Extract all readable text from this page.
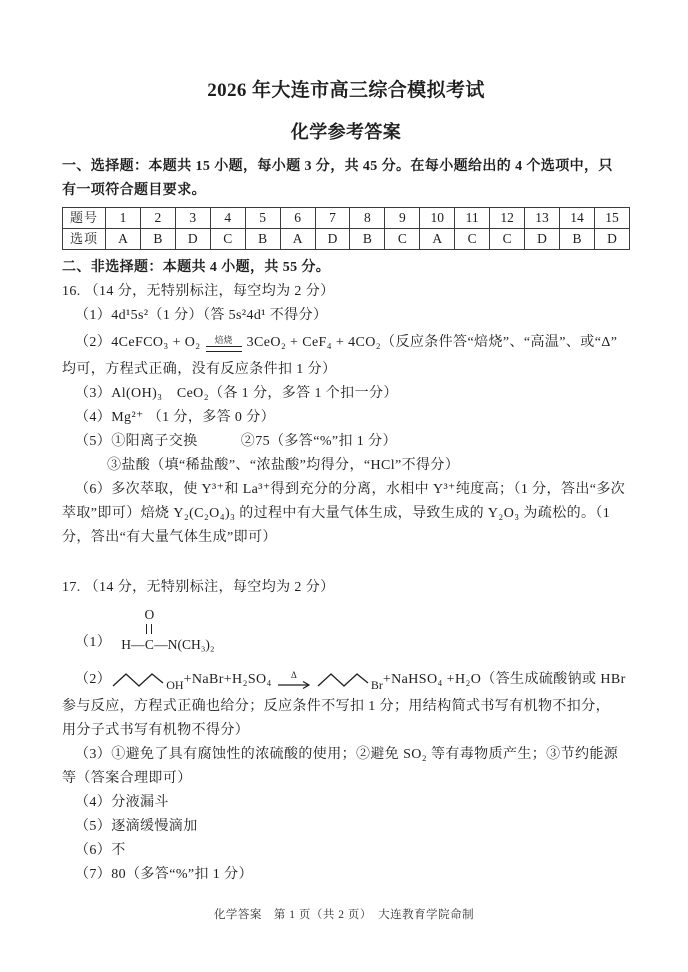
2026 年大连市高三综合模拟考试
化学参考答案
一、选择题：本题共 15 小题，每小题 3 分，共 45 分。在每小题给出的 4 个选项中，只
有一项符合题目要求。
题号	1	2	3	4	5	6	7	8	9	10	11	12	13	14	15
选项	A	B	D	C	B	A	D	B	C	A	C	C	D	B	D
二、非选择题：本题共 4 小题，共 55 分。
16. （14 分，无特别标注，每空均为 2 分）
（1）4d¹5s²（1 分）（答 5s²4d¹ 不得分）
（2）4CeFCO₃ + O₂ 焙烧 3CeO₂ + CeF₄ + 4CO₂（反应条件答“焙烧”、“高温”、或“Δ”
均可，方程式正确，没有反应条件扣 1 分）
（3）Al(OH)₃　CeO₂（各 1 分，多答 1 个扣一分）
（4）Mg²⁺ （1 分，多答 0 分）
（5）①阳离子交换　　　②75（多答“%”扣 1 分）
③盐酸（填“稀盐酸”、“浓盐酸”均得分，“HCl”不得分）
（6）多次萃取，使 Y³⁺和 La³⁺得到充分的分离，水相中 Y³⁺纯度高；（1 分，答出“多次
萃取”即可）焙烧 Y₂(C₂O₄)₃ 的过程中有大量气体生成，导致生成的 Y₂O₃ 为疏松的。（1
分，答出“有大量气体生成”即可）
17. （14 分，无特别标注，每空均为 2 分）
（1） H —
O
C — N(CH₃)₂
（2）	OH +NaBr+H₂SO₄ Δ
Br +NaHSO₄ +H₂O（答生成硫酸钠或 HBr
参与反应，方程式正确也给分；反应条件不写扣 1 分；用结构简式书写有机物不扣分，
用分子式书写有机物不得分）
（3）①避免了具有腐蚀性的浓硫酸的使用；②避免 SO₂ 等有毒物质产生；③节约能源
等（答案合理即可）
（4）分液漏斗
（5）逐滴缓慢滴加
（6）不
（7）80（多答“%”扣 1 分）
化学答案　第 1 页（共 2 页）　大连教育学院命制
